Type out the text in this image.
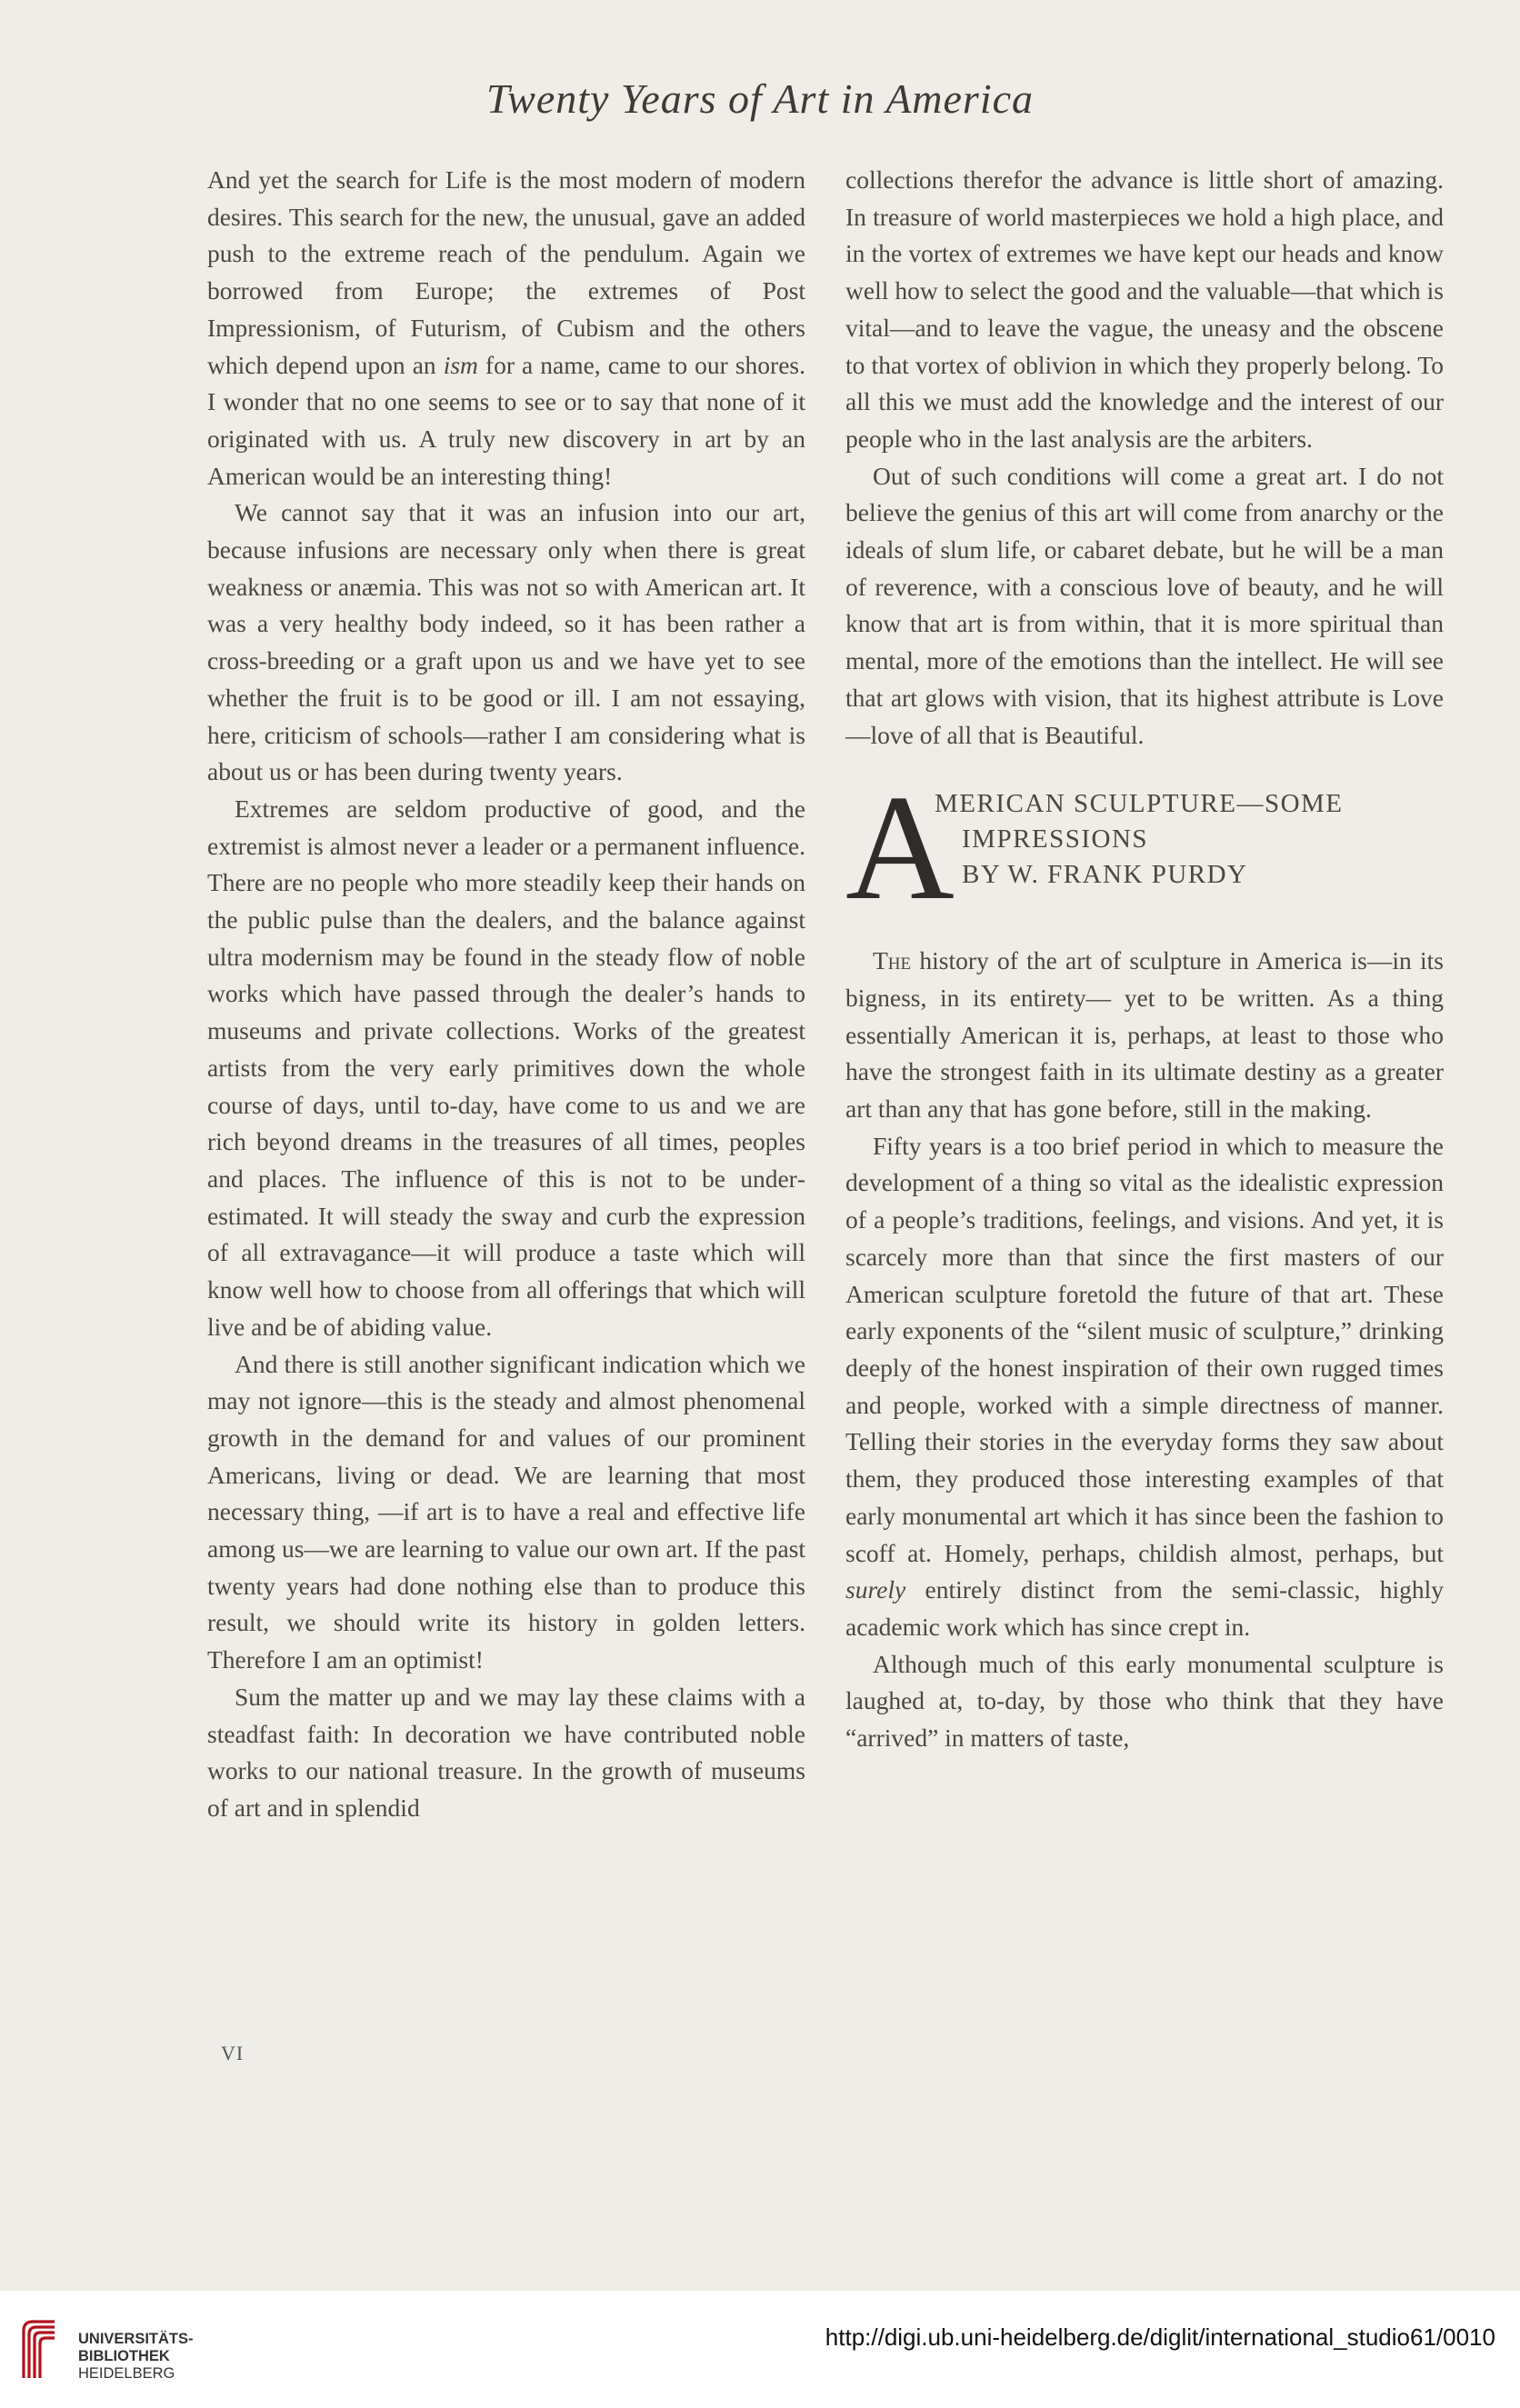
Twenty Years of Art in America

And yet the search for Life is the most modern of modern desires. This search for the new, the unusual, gave an added push to the extreme reach of the pendulum. Again we borrowed from Europe; the extremes of Post Impressionism, of Futurism, of Cubism and the others which depend upon an ism for a name, came to our shores. I wonder that no one seems to see or to say that none of it originated with us. A truly new discovery in art by an American would be an interesting thing!

We cannot say that it was an infusion into our art, because infusions are necessary only when there is great weakness or anæmia. This was not so with American art. It was a very healthy body indeed, so it has been rather a cross-breeding or a graft upon us and we have yet to see whether the fruit is to be good or ill. I am not essaying, here, criticism of schools—rather I am considering what is about us or has been during twenty years.

Extremes are seldom productive of good, and the extremist is almost never a leader or a permanent influence. There are no people who more steadily keep their hands on the public pulse than the dealers, and the balance against ultra modernism may be found in the steady flow of noble works which have passed through the dealer’s hands to museums and private collections. Works of the greatest artists from the very early primitives down the whole course of days, until to-day, have come to us and we are rich beyond dreams in the treasures of all times, peoples and places. The influence of this is not to be underestimated. It will steady the sway and curb the expression of all extravagance—it will produce a taste which will know well how to choose from all offerings that which will live and be of abiding value.

And there is still another significant indication which we may not ignore—this is the steady and almost phenomenal growth in the demand for and values of our prominent Americans, living or dead. We are learning that most necessary thing, —if art is to have a real and effective life among us—we are learning to value our own art. If the past twenty years had done nothing else than to produce this result, we should write its history in golden letters. Therefore I am an optimist!

Sum the matter up and we may lay these claims with a steadfast faith: In decoration we have contributed noble works to our national treasure. In the growth of museums of art and in splendid

collections therefor the advance is little short of amazing. In treasure of world masterpieces we hold a high place, and in the vortex of extremes we have kept our heads and know well how to select the good and the valuable—that which is vital—and to leave the vague, the uneasy and the obscene to that vortex of oblivion in which they properly belong. To all this we must add the knowledge and the interest of our people who in the last analysis are the arbiters.

Out of such conditions will come a great art. I do not believe the genius of this art will come from anarchy or the ideals of slum life, or cabaret debate, but he will be a man of reverence, with a conscious love of beauty, and he will know that art is from within, that it is more spiritual than mental, more of the emotions than the intellect. He will see that art glows with vision, that its highest attribute is Love—love of all that is Beautiful.

A
MERICAN SCULPTURE—SOME
IMPRESSIONS
BY W. FRANK PURDY

The history of the art of sculpture in America is—in its bigness, in its entirety— yet to be written. As a thing essentially American it is, perhaps, at least to those who have the strongest faith in its ultimate destiny as a greater art than any that has gone before, still in the making.

Fifty years is a too brief period in which to measure the development of a thing so vital as the idealistic expression of a people’s traditions, feelings, and visions. And yet, it is scarcely more than that since the first masters of our American sculpture foretold the future of that art. These early exponents of the “silent music of sculpture,” drinking deeply of the honest inspiration of their own rugged times and people, worked with a simple directness of manner. Telling their stories in the everyday forms they saw about them, they produced those interesting examples of that early monumental art which it has since been the fashion to scoff at. Homely, perhaps, childish almost, perhaps, but surely entirely distinct from the semi-classic, highly academic work which has since crept in.

Although much of this early monumental sculpture is laughed at, to-day, by those who think that they have “arrived” in matters of taste,

VI
UNIVERSITÄTS-
BIBLIOTHEK
HEIDELBERG
http://digi.ub.uni-heidelberg.de/diglit/international_studio61/0010
